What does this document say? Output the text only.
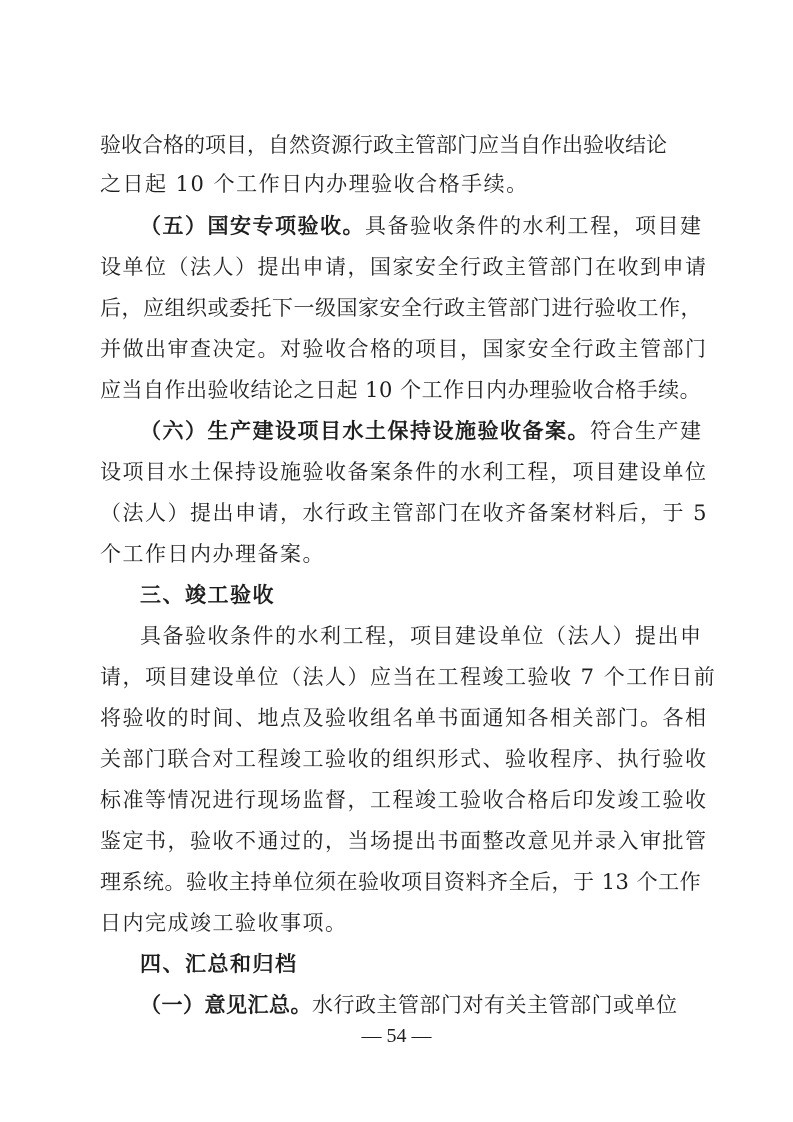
验收合格的项目，自然资源行政主管部门应当自作出验收结论
之日起 10 个工作日内办理验收合格手续。
（五）国安专项验收。具备验收条件的水利工程，项目建
设单位（法人）提出申请，国家安全行政主管部门在收到申请
后，应组织或委托下一级国家安全行政主管部门进行验收工作，
并做出审查决定。对验收合格的项目，国家安全行政主管部门
应当自作出验收结论之日起 10 个工作日内办理验收合格手续。
（六）生产建设项目水土保持设施验收备案。符合生产建
设项目水土保持设施验收备案条件的水利工程，项目建设单位
（法人）提出申请，水行政主管部门在收齐备案材料后，于 5
个工作日内办理备案。
三、竣工验收
具备验收条件的水利工程，项目建设单位（法人）提出申
请，项目建设单位（法人）应当在工程竣工验收 7 个工作日前
将验收的时间、地点及验收组名单书面通知各相关部门。各相
关部门联合对工程竣工验收的组织形式、验收程序、执行验收
标准等情况进行现场监督，工程竣工验收合格后印发竣工验收
鉴定书，验收不通过的，当场提出书面整改意见并录入审批管
理系统。验收主持单位须在验收项目资料齐全后，于 13 个工作
日内完成竣工验收事项。
四、汇总和归档
（一）意见汇总。水行政主管部门对有关主管部门或单位
— 54 —
